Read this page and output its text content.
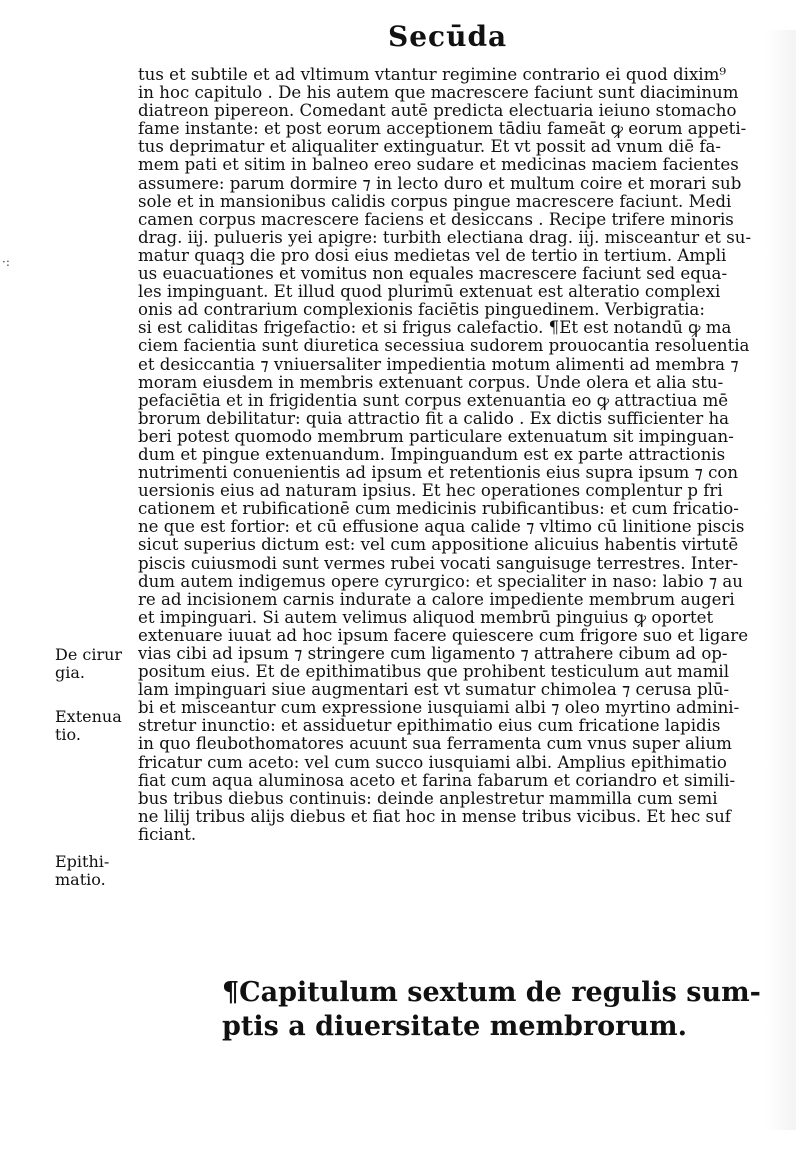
·:
Secūda
tus et subtile et ad vltimum vtantur regimine contrario ei quod dixim⁹
in hoc capitulo . De his autem que macrescere faciunt sunt diaciminum
diatreon pipereon. Comedant autē predicta electuaria ieiuno stomacho
fame instante: et post eorum acceptionem tādiu fameāt ꝙ eorum appeti-
tus deprimatur et aliqualiter extinguatur. Et vt possit ad vnum diē fa-
mem pati et sitim in balneo ereo sudare et medicinas maciem facientes
assumere: parum dormire ⁊ in lecto duro et multum coire et morari sub
sole et in mansionibus calidis corpus pingue macrescere faciunt. Medi
camen corpus macrescere faciens et desiccans . Recipe trifere minoris
drag. iij. pulueris yei apigre: turbith electiana drag. iij. misceantur et su-
matur quaqꝫ die pro dosi eius medietas vel de tertio in tertium. Ampli
us euacuationes et vomitus non equales macrescere faciunt sed equa-
les impinguant. Et illud quod plurimū extenuat est alteratio complexi
onis ad contrarium complexionis faciētis pinguedinem. Verbigratia:
si est caliditas frigefactio: et si frigus calefactio. ¶Et est notandū ꝙ ma
ciem facientia sunt diuretica secessiua sudorem prouocantia resoluentia
et desiccantia ⁊ vniuersaliter impedientia motum alimenti ad membra ⁊
moram eiusdem in membris extenuant corpus. Unde olera et alia stu-
pefaciētia et in frigidentia sunt corpus extenuantia eo ꝙ attractiua mē
brorum debilitatur: quia attractio fit a calido . Ex dictis sufficienter ha
beri potest quomodo membrum particulare extenuatum sit impinguan-
dum et pingue extenuandum. Impinguandum est ex parte attractionis
nutrimenti conuenientis ad ipsum et retentionis eius supra ipsum ⁊ con
uersionis eius ad naturam ipsius. Et hec operationes complentur p fri
cationem et rubificationē cum medicinis rubificantibus: et cum fricatio-
ne que est fortior: et cū effusione aqua calide ⁊ vltimo cū linitione piscis
sicut superius dictum est: vel cum appositione alicuius habentis virtutē
piscis cuiusmodi sunt vermes rubei vocati sanguisuge terrestres. Inter-
dum autem indigemus opere cyrurgico: et specialiter in naso: labio ⁊ au
re ad incisionem carnis indurate a calore impediente membrum augeri
et impinguari. Si autem velimus aliquod membrū pinguius ꝙ oportet
extenuare iuuat ad hoc ipsum facere quiescere cum frigore suo et ligare
vias cibi ad ipsum ⁊ stringere cum ligamento ⁊ attrahere cibum ad op-
positum eius. Et de epithimatibus que prohibent testiculum aut mamil
lam impinguari siue augmentari est vt sumatur chimolea ⁊ cerusa plū-
bi et misceantur cum expressione iusquiami albi ⁊ oleo myrtino admini-
stretur inunctio: et assiduetur epithimatio eius cum fricatione lapidis
in quo fleubothomatores acuunt sua ferramenta cum vnus super alium
fricatur cum aceto: vel cum succo iusquiami albi. Amplius epithimatio
fiat cum aqua aluminosa aceto et farina fabarum et coriandro et simili-
bus tribus diebus continuis: deinde anplestretur mammilla cum semi
ne lilij tribus alijs diebus et fiat hoc in mense tribus vicibus. Et hec suf
ficiant.
De cirur
gia.
Extenua
tio.
Epithi-
matio.
¶Capitulum sextum de regulis sum-
ptis a diuersitate membrorum.
